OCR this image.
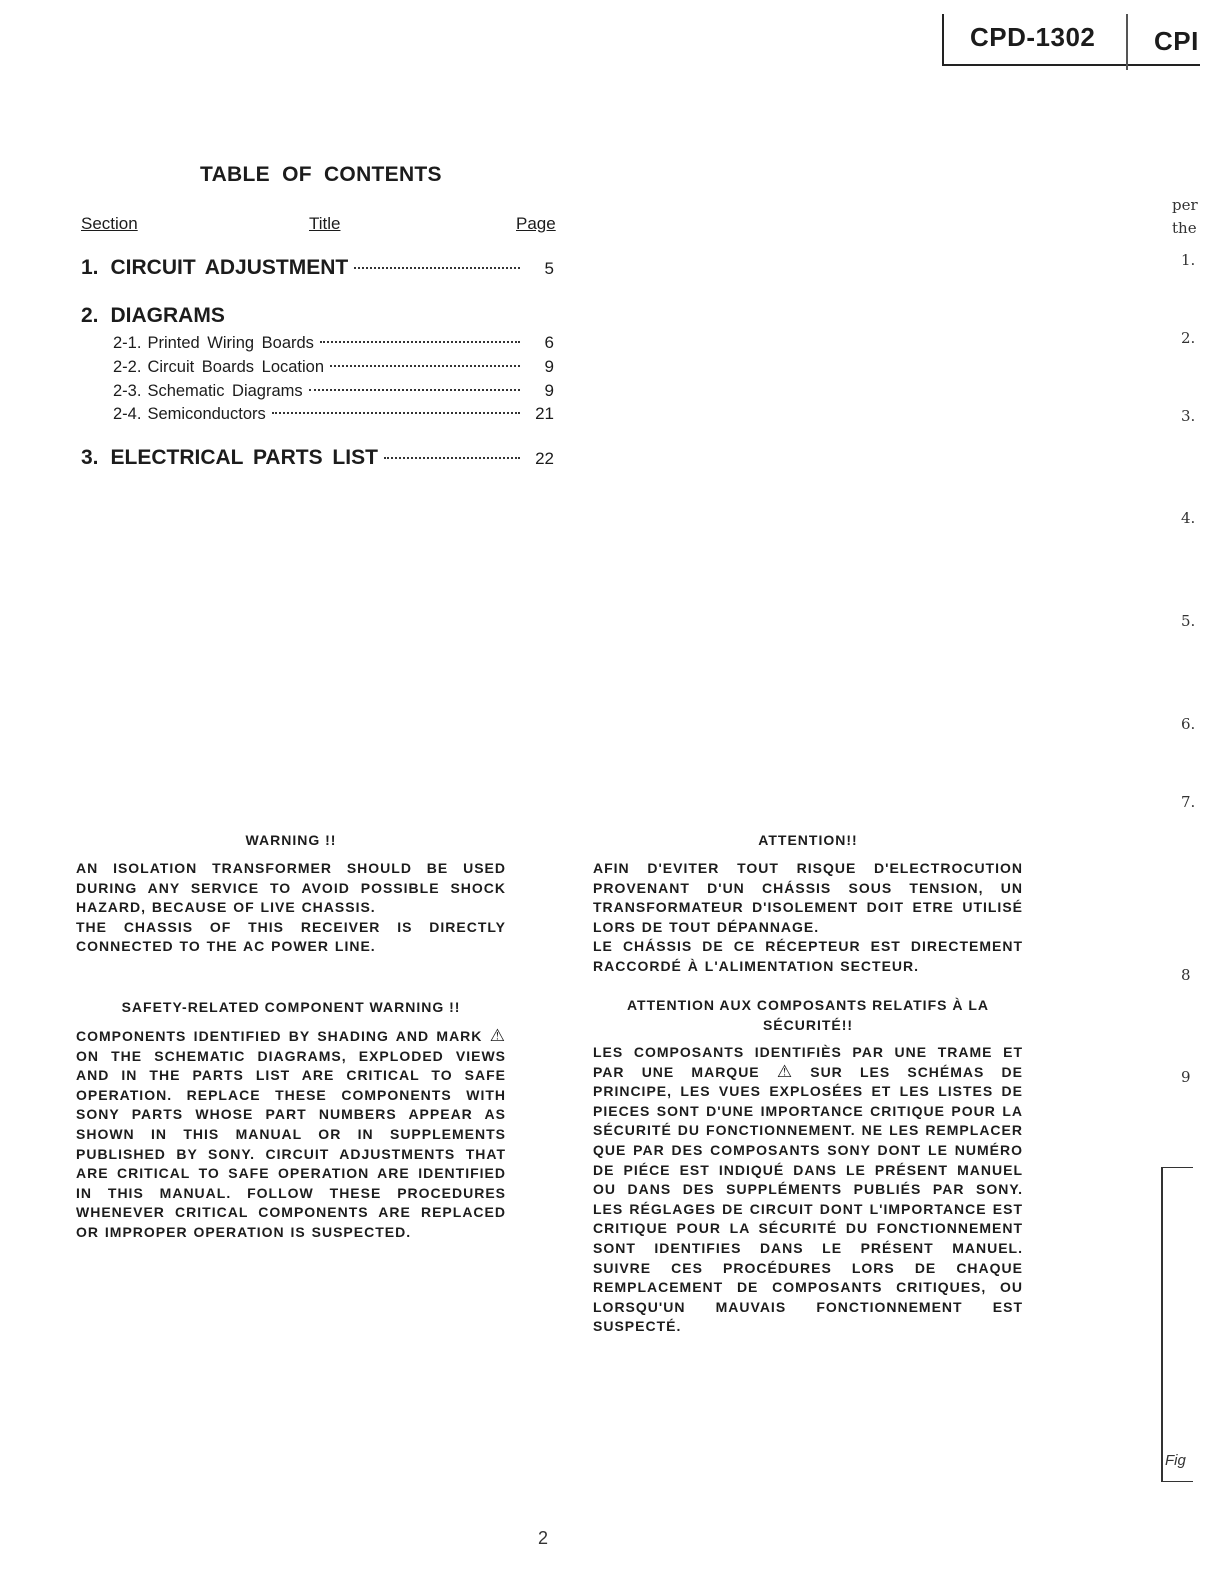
CPD-1302 CPI
TABLE OF CONTENTS
Section	Title	Page
1. CIRCUIT ADJUSTMENT	5
2. DIAGRAMS
2-1. Printed Wiring Boards	6
2-2. Circuit Boards Location	9
2-3. Schematic Diagrams	9
2-4. Semiconductors	21
3. ELECTRICAL PARTS LIST	22
WARNING !!

AN ISOLATION TRANSFORMER SHOULD BE USED DURING ANY SERVICE TO AVOID POSSIBLE SHOCK HAZARD, BECAUSE OF LIVE CHASSIS.

THE CHASSIS OF THIS RECEIVER IS DIRECTLY CONNECTED TO THE AC POWER LINE.

ATTENTION!!

AFIN D'EVITER TOUT RISQUE D'ELECTROCUTION PROVENANT D'UN CHÁSSIS SOUS TENSION, UN TRANSFORMATEUR D'ISOLEMENT DOIT ETRE UTILISÉ LORS DE TOUT DÉPANNAGE.

LE CHÁSSIS DE CE RÉCEPTEUR EST DIRECTEMENT RACCORDÉ À L'ALIMENTATION SECTEUR.

SAFETY-RELATED COMPONENT WARNING !!

COMPONENTS IDENTIFIED BY SHADING AND MARK ⚠ ON THE SCHEMATIC DIAGRAMS, EXPLODED VIEWS AND IN THE PARTS LIST ARE CRITICAL TO SAFE OPERATION. REPLACE THESE COMPONENTS WITH SONY PARTS WHOSE PART NUMBERS APPEAR AS SHOWN IN THIS MANUAL OR IN SUPPLEMENTS PUBLISHED BY SONY. CIRCUIT ADJUSTMENTS THAT ARE CRITICAL TO SAFE OPERATION ARE IDENTIFIED IN THIS MANUAL. FOLLOW THESE PROCEDURES WHENEVER CRITICAL COMPONENTS ARE REPLACED OR IMPROPER OPERATION IS SUSPECTED.

ATTENTION AUX COMPOSANTS RELATIFS À LA SÉCURITÉ!!

LES COMPOSANTS IDENTIFIÈS PAR UNE TRAME ET PAR UNE MARQUE ⚠ SUR LES SCHÉMAS DE PRINCIPE, LES VUES EXPLOSÉES ET LES LISTES DE PIECES SONT D'UNE IMPORTANCE CRITIQUE POUR LA SÉCURITÉ DU FONCTIONNEMENT. NE LES REMPLACER QUE PAR DES COMPOSANTS SONY DONT LE NUMÉRO DE PIÉCE EST INDIQUÉ DANS LE PRÉSENT MANUEL OU DANS DES SUPPLÉMENTS PUBLIÉS PAR SONY. LES RÉGLAGES DE CIRCUIT DONT L'IMPORTANCE EST CRITIQUE POUR LA SÉCURITÉ DU FONCTIONNEMENT SONT IDENTIFIES DANS LE PRÉSENT MANUEL. SUIVRE CES PROCÉDURES LORS DE CHAQUE REMPLACEMENT DE COMPOSANTS CRITIQUES, OU LORSQU'UN MAUVAIS FONCTIONNEMENT EST SUSPECTÉ.

per
the
1.
2.
3.
4.
5.
6.
7.
8
9
Fig
2
